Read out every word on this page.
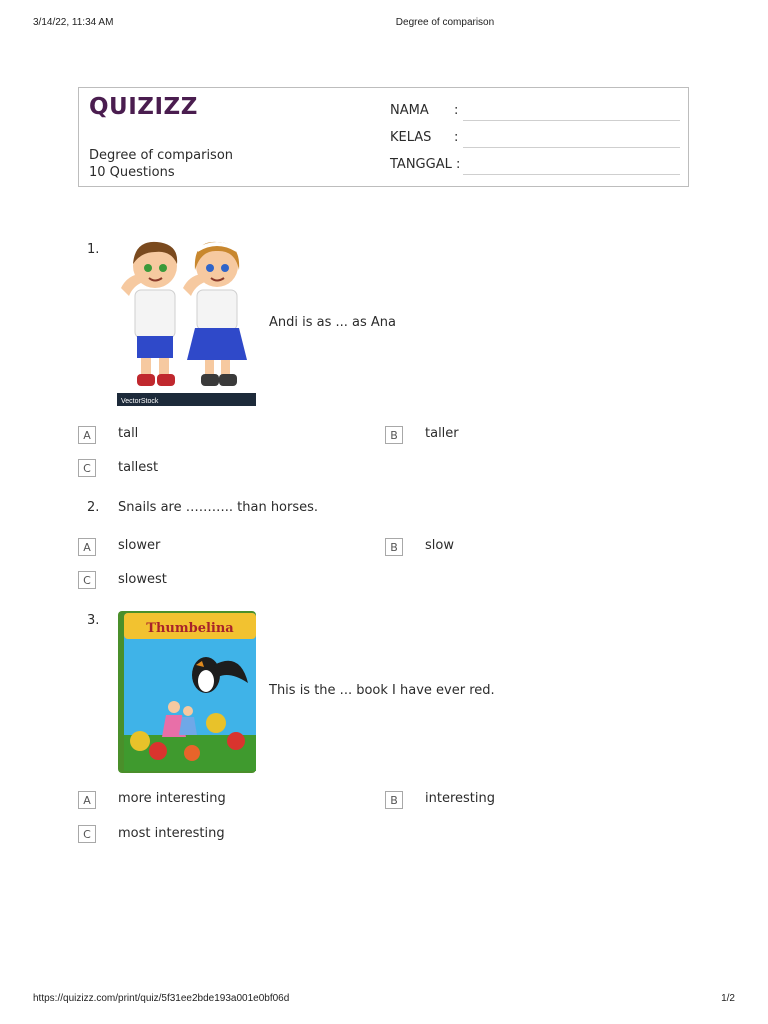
3/14/22, 11:34 AM	Degree of comparison
QUIZIZZ
Degree of comparison
10 Questions
NAMA :
KELAS :
TANGGAL :
1.
VectorStock
Andi is as ... as Ana
A	tall	B	taller
C	tallest
2. Snails are ……….. than horses.
A	slower	B	slow
C	slowest
3.
Thumbelina
This is the ... book I have ever red.
A	more interesting	B	interesting
C	most interesting
https://quizizz.com/print/quiz/5f31ee2bde193a001e0bf06d	1/2
